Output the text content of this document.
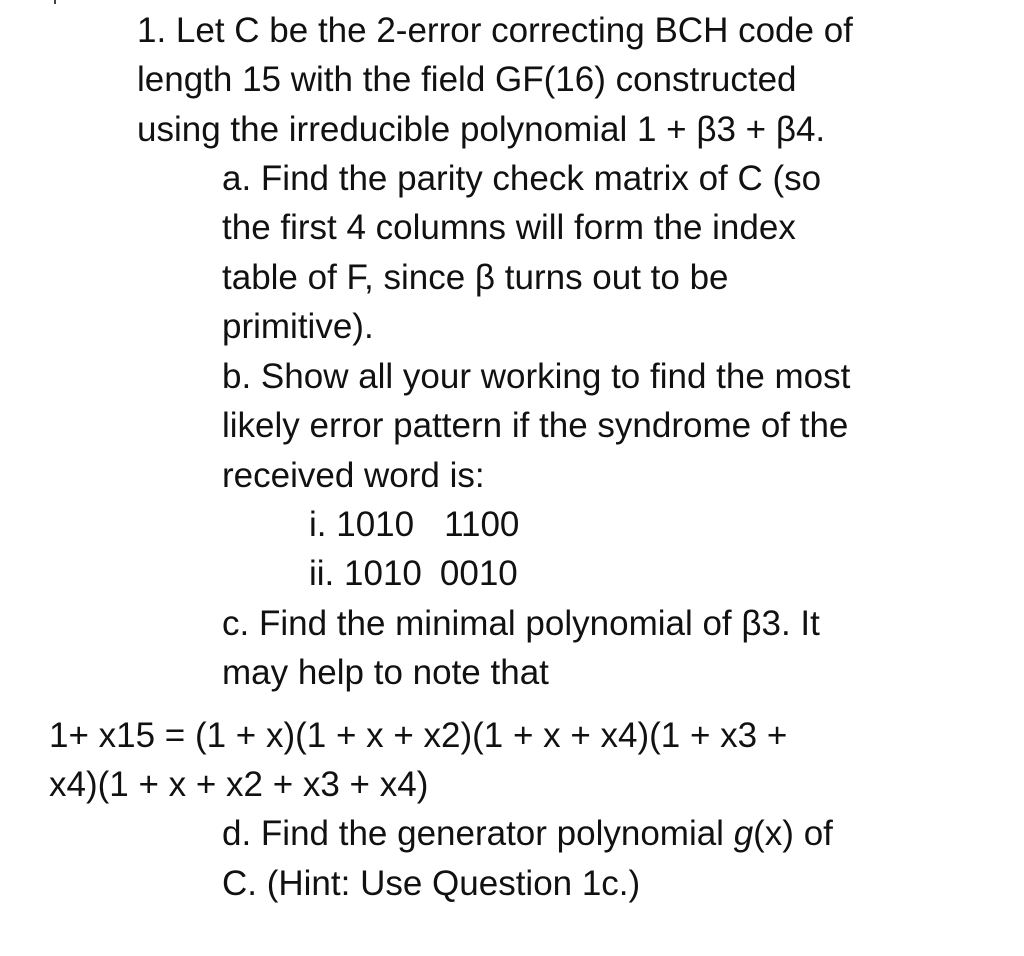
1. Let C be the 2-error correcting BCH code of
length 15 with the field GF(16) constructed
using the irreducible polynomial 1 + β3 + β4.
a. Find the parity check matrix of C (so
the first 4 columns will form the index
table of F, since β turns out to be
primitive).
b. Show all your working to find the most
likely error pattern if the syndrome of the
received word is:
i. 1010 1100
ii. 1010 0010
c. Find the minimal polynomial of β3. It
may help to note that
1+ x15 = (1 + x)(1 + x + x2)(1 + x + x4)(1 + x3 +
x4)(1 + x + x2 + x3 + x4)
d. Find the generator polynomial g(x) of
C. (Hint: Use Question 1c.)
